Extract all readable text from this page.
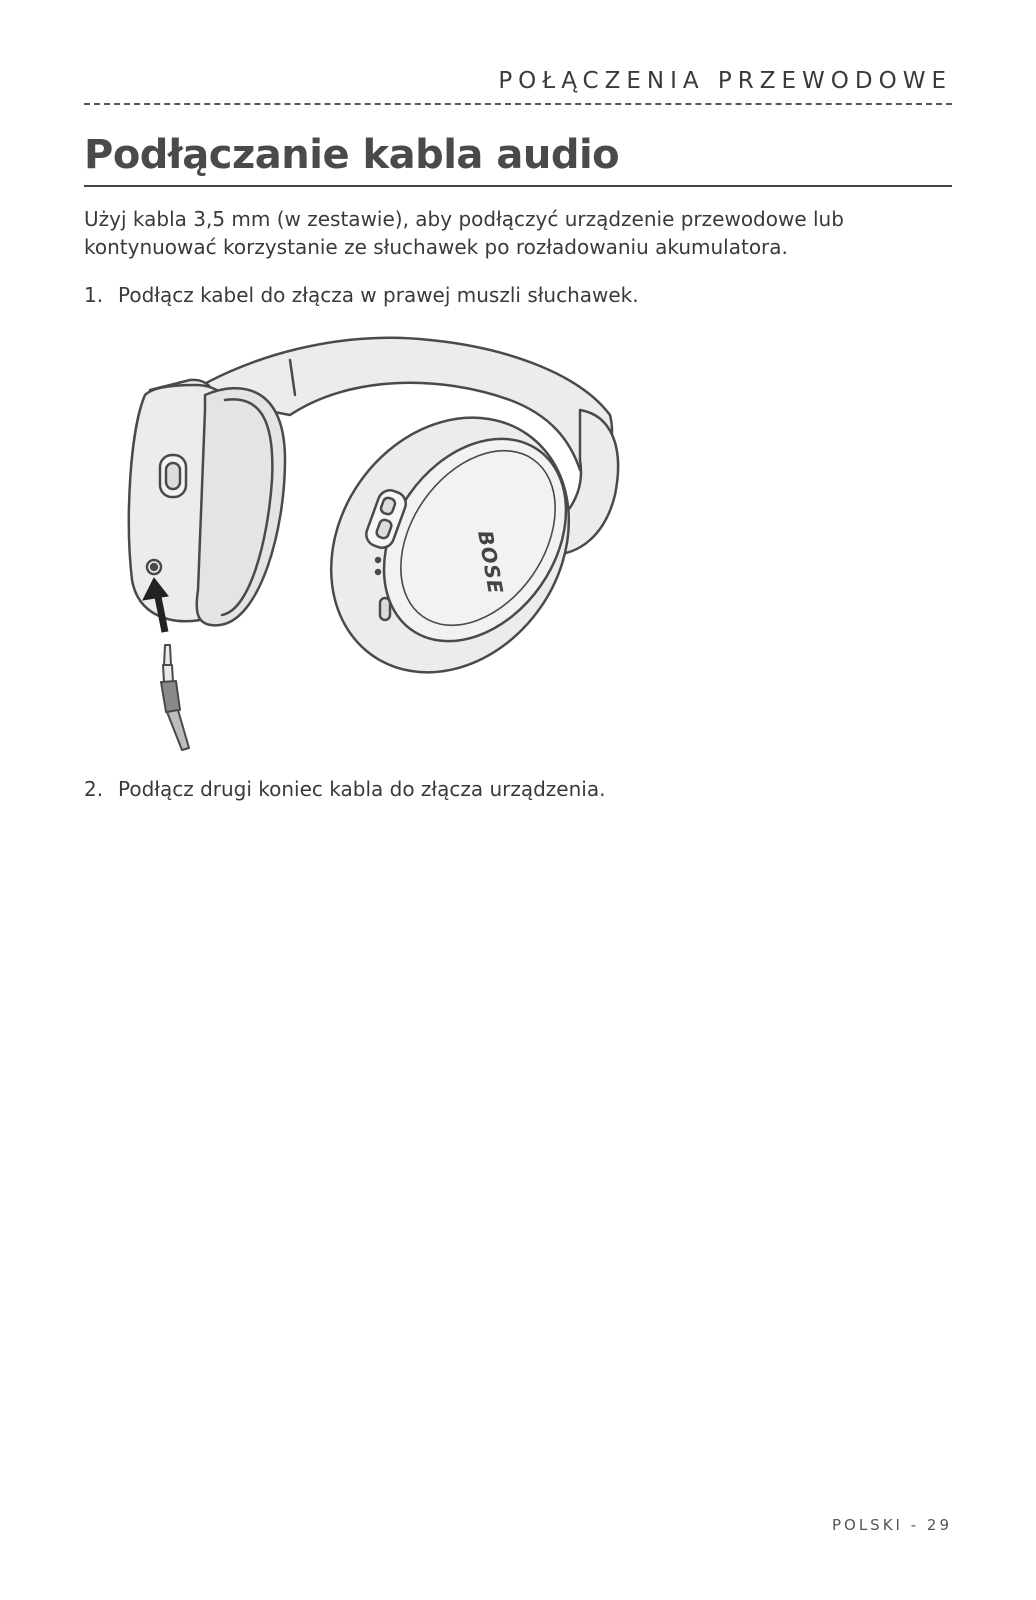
POŁĄCZENIA PRZEWODOWE
Podłączanie kabla audio
Użyj kabla 3,5 mm (w zestawie), aby podłączyć urządzenie przewodowe lub
kontynuować korzystanie ze słuchawek po rozładowaniu akumulatora.
1. Podłącz kabel do złącza w prawej muszli słuchawek.
BOSE
2. Podłącz drugi koniec kabla do złącza urządzenia.
POLSKI - 29
